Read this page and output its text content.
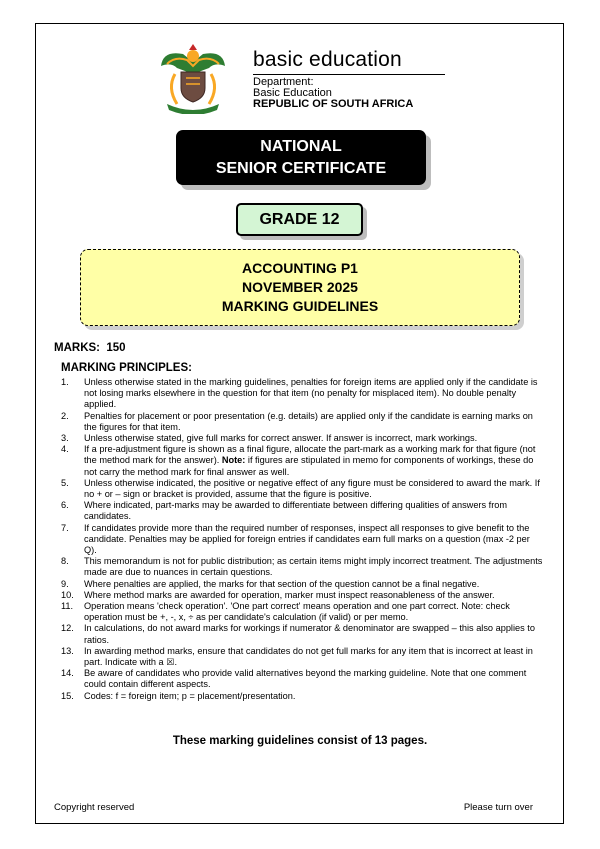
basic education
Department:
Basic Education
REPUBLIC OF SOUTH AFRICA
NATIONAL
SENIOR CERTIFICATE
GRADE 12
ACCOUNTING P1
NOVEMBER 2025
MARKING GUIDELINES
MARKS:  150
MARKING PRINCIPLES:
1. Unless otherwise stated in the marking guidelines, penalties for foreign items are applied only if the candidate is not losing marks elsewhere in the question for that item (no penalty for misplaced item). No double penalty applied.
2. Penalties for placement or poor presentation (e.g. details) are applied only if the candidate is earning marks on the figures for that item.
3. Unless otherwise stated, give full marks for correct answer. If answer is incorrect, mark workings.
4. If a pre-adjustment figure is shown as a final figure, allocate the part-mark as a working mark for that figure (not the method mark for the answer). Note: if figures are stipulated in memo for components of workings, these do not carry the method mark for final answer as well.
5. Unless otherwise indicated, the positive or negative effect of any figure must be considered to award the mark. If no + or – sign or bracket is provided, assume that the figure is positive.
6. Where indicated, part-marks may be awarded to differentiate between differing qualities of answers from candidates.
7. If candidates provide more than the required number of responses, inspect all responses to give benefit to the candidate. Penalties may be applied for foreign entries if candidates earn full marks on a question (max -2 per Q).
8. This memorandum is not for public distribution; as certain items might imply incorrect treatment. The adjustments made are due to nuances in certain questions.
9. Where penalties are applied, the marks for that section of the question cannot be a final negative.
10. Where method marks are awarded for operation, marker must inspect reasonableness of the answer.
11. Operation means 'check operation'. 'One part correct' means operation and one part correct. Note: check operation must be +, -, x, ÷ as per candidate's calculation (if valid) or per memo.
12. In calculations, do not award marks for workings if numerator & denominator are swapped – this also applies to ratios.
13. In awarding method marks, ensure that candidates do not get full marks for any item that is incorrect at least in part. Indicate with a ☒.
14. Be aware of candidates who provide valid alternatives beyond the marking guideline. Note that one comment could contain different aspects.
15. Codes: f = foreign item; p = placement/presentation.
These marking guidelines consist of 13 pages.
Copyright reserved	Please turn over
